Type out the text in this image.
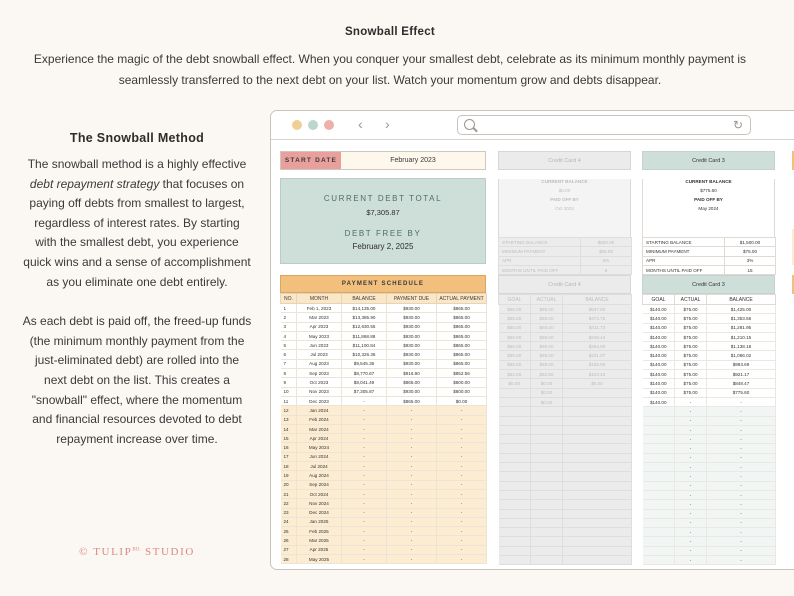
Snowball Effect
Experience the magic of the debt snowball effect. When you conquer your smallest debt, celebrate as its minimum monthly payment is seamlessly transferred to the next debt on your list. Watch your momentum grow and debts disappear.
The Snowball Method
The snowball method is a highly effective debt repayment strategy that focuses on paying off debts from smallest to largest, regardless of interest rates. By starting with the smallest debt, you experience quick wins and a sense of accomplishment as you eliminate one debt entirely.
As each debt is paid off, the freed-up funds (the minimum monthly payment from the just-eliminated debt) are rolled into the next debt on the list. This creates a "snowball" effect, where the momentum and financial resources devoted to debt repayment increase over time.
© $TULIP^{BO.}$ STUDIO
‹ ›	↻
START DATE	February 2023
CURRENT DEBT TOTAL
$7,305.87
DEBT FREE BY
February 2, 2025
PAYMENT SCHEDULE
NO.	MONTH	BALANCE	PAYMENT DUE	ACTUAL PAYMENT
1	Feb 1, 2023	$14,135.00	$930.00	$865.00
2	Mar 2023	$13,385.90	$930.00	$865.00
3	Apr 2023	$12,630.55	$930.00	$865.00
4	May 2023	$11,868.88	$930.00	$865.00
5	Jun 2023	$11,100.84	$930.00	$865.00
6	Jul 2023	$10,326.36	$930.00	$865.00
7	Aug 2023	$9,545.36	$930.00	$865.00
8	Sep 2023	$8,770.67	$916.90	$852.56
9	Oct 2023	$8,041.49	$865.00	$800.00
10	Nov 2023	$7,305.87	$930.00	$800.00
11	Dec 2023	-	$865.00	$0.00
12	Jan 2024	-	-	-
13	Feb 2024	-	-	-
14	Mar 2024	-	-	-
15	Apr 2024	-	-	-
16	May 2024	-	-	-
17	Jun 2024	-	-	-
18	Jul 2024	-	-	-
19	Aug 2024	-	-	-
20	Sep 2024	-	-	-
21	Oct 2024	-	-	-
22	Nov 2024	-	-	-
23	Dec 2024	-	-	-
24	Jan 2025	-	-	-
25	Feb 2025	-	-	-
26	Mar 2025	-	-	-
27	Apr 2025	-	-	-
28	May 2025	-	-	-
Credit Card 4
CURRENT BALANCE
$0.00
PAID OFF BY
Oct 2023
STARTING BALANCE	$600.00
MINIMUM PAYMENT	$65.00
APR	5%
MONTHS UNTIL PAID OFF	9
Credit Card 3
CURRENT BALANCE
$775.60
PAID OFF BY
May 2024
STARTING BALANCE	$1,500.00
MINIMUM PAYMENT	$75.00
APR	3%
MONTHS UNTIL PAID OFF	15
Credit Card 4
GOAL	ACTUAL	BALANCE
$65.00	$65.00	$537.50
$65.00	$65.00	$474.75
$65.00	$65.00	$411.73
$65.00	$65.00	$348.44
$65.00	$65.00	$284.89
$65.00	$65.00	$221.07
$65.00	$65.00	$156.99
$52.56	$52.56	$104.43
$0.00	$0.00	$0.00
	$0.00	
	$0.00	

Credit Card 3
GOAL	ACTUAL	BALANCE
$140.00	$75.00	$1,425.00
$140.00	$75.00	$1,353.56
$140.00	$75.00	$1,281.95
$140.00	$75.00	$1,210.15
$140.00	$75.00	$1,138.18
$140.00	$75.00	$1,066.02
$140.00	$75.00	$993.69
$140.00	$75.00	$921.17
$140.00	$75.00	$848.47
$140.00	$75.00	$775.60
$140.00	-	-
	-	-
	-	-
	-	-
	-	-
	-	-
	-	-
	-	-
	-	-
	-	-
	-	-
	-	-
	-	-
	-	-
	-	-
	-	-
	-	-
	-	-
